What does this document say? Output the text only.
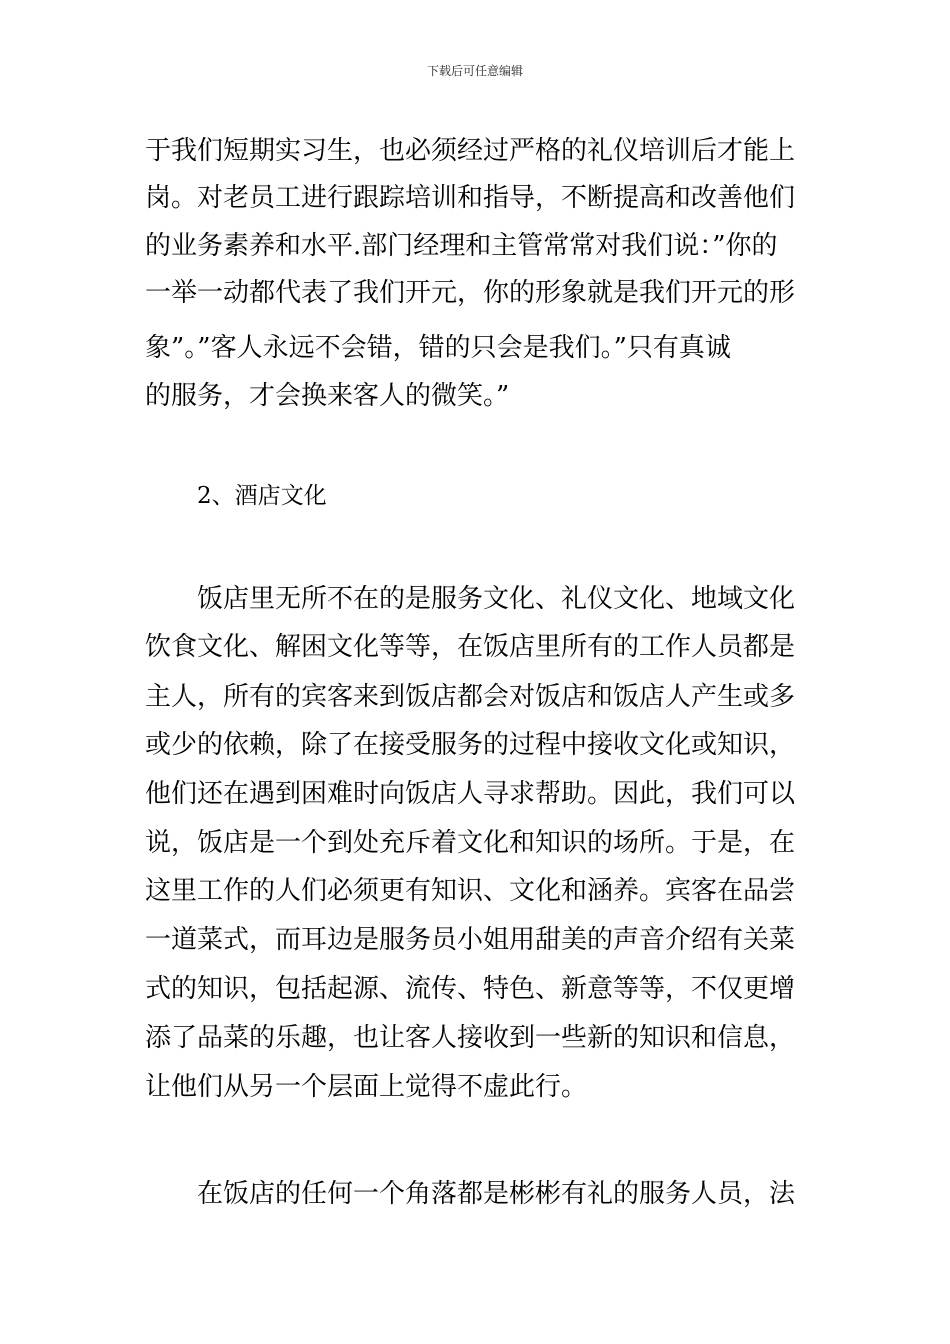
下载后可任意编辑
于我们短期实习生，也必须经过严格的礼仪培训后才能上
岗。对老员工进行跟踪培训和指导，不断提高和改善他们
的业务素养和水平.部门经理和主管常常对我们说：”你的
一举一动都代表了我们开元，你的形象就是我们开元的形
象”。”客人永远不会错，错的只会是我们。”只有真诚
的服务，才会换来客人的微笑。”
2、酒店文化
饭店里无所不在的是服务文化、礼仪文化、地域文化
饮食文化、解困文化等等，在饭店里所有的工作人员都是
主人，所有的宾客来到饭店都会对饭店和饭店人产生或多
或少的依赖，除了在接受服务的过程中接收文化或知识，
他们还在遇到困难时向饭店人寻求帮助。因此，我们可以
说，饭店是一个到处充斥着文化和知识的场所。于是，在
这里工作的人们必须更有知识、文化和涵养。宾客在品尝
一道菜式，而耳边是服务员小姐用甜美的声音介绍有关菜
式的知识，包括起源、流传、特色、新意等等，不仅更增
添了品菜的乐趣，也让客人接收到一些新的知识和信息，
让他们从另一个层面上觉得不虚此行。
在饭店的任何一个角落都是彬彬有礼的服务人员，法
